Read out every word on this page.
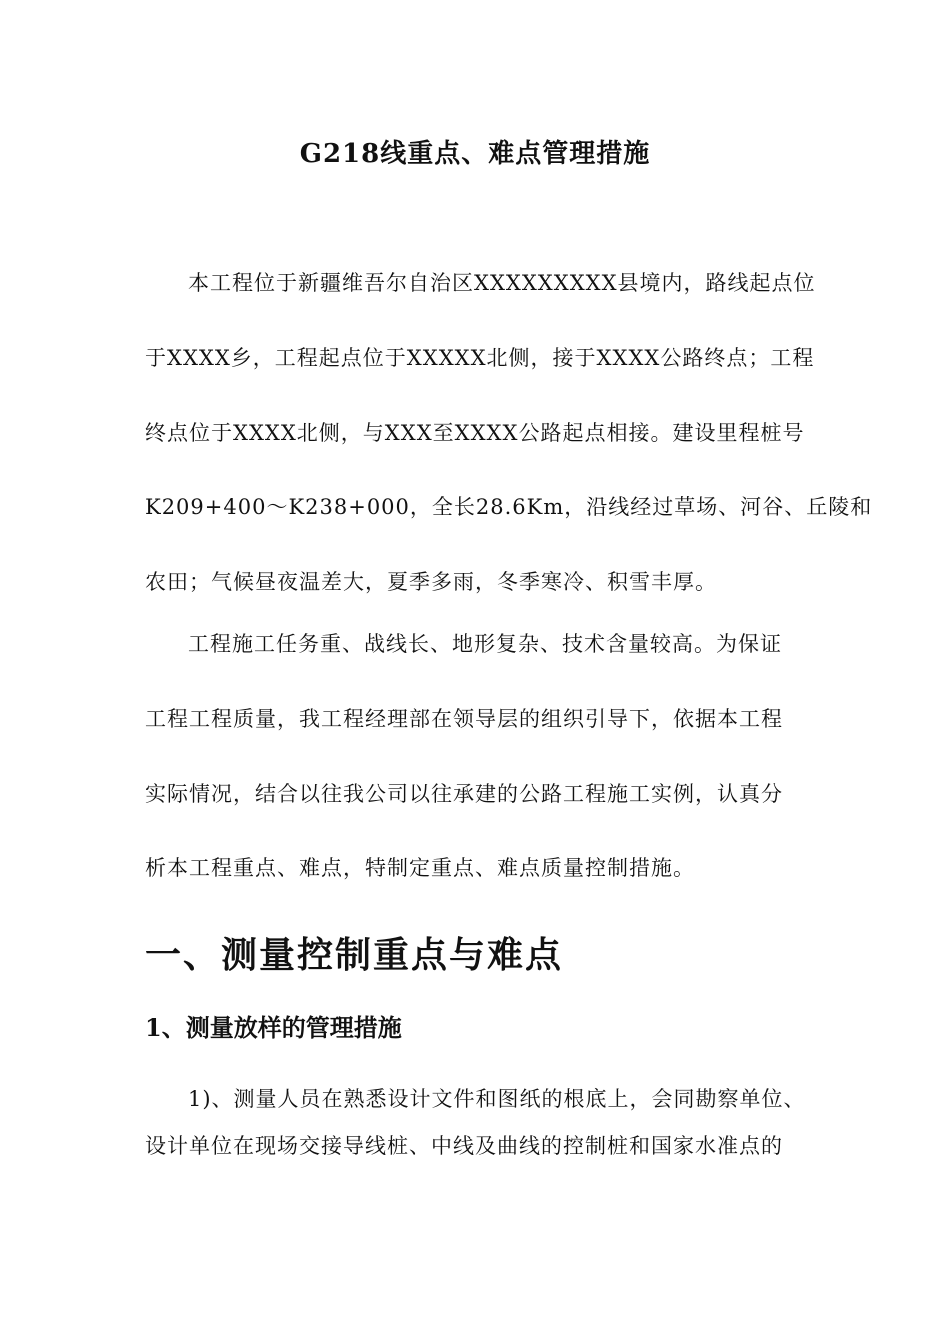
G218线重点、难点管理措施
本工程位于新疆维吾尔自治区XXXXXXXXX县境内，路线起点位
于XXXX乡，工程起点位于XXXXX北侧，接于XXXX公路终点；工程
终点位于XXXX北侧，与XXX至XXXX公路起点相接。建设里程桩号
K209+400～K238+000，全长28.6Km，沿线经过草场、河谷、丘陵和
农田；气候昼夜温差大，夏季多雨，冬季寒冷、积雪丰厚。
工程施工任务重、战线长、地形复杂、技术含量较高。为保证
工程工程质量，我工程经理部在领导层的组织引导下，依据本工程
实际情况，结合以往我公司以往承建的公路工程施工实例，认真分
析本工程重点、难点，特制定重点、难点质量控制措施。
一、测量控制重点与难点
1、测量放样的管理措施
1)、测量人员在熟悉设计文件和图纸的根底上，会同勘察单位、
设计单位在现场交接导线桩、中线及曲线的控制桩和国家水准点的
